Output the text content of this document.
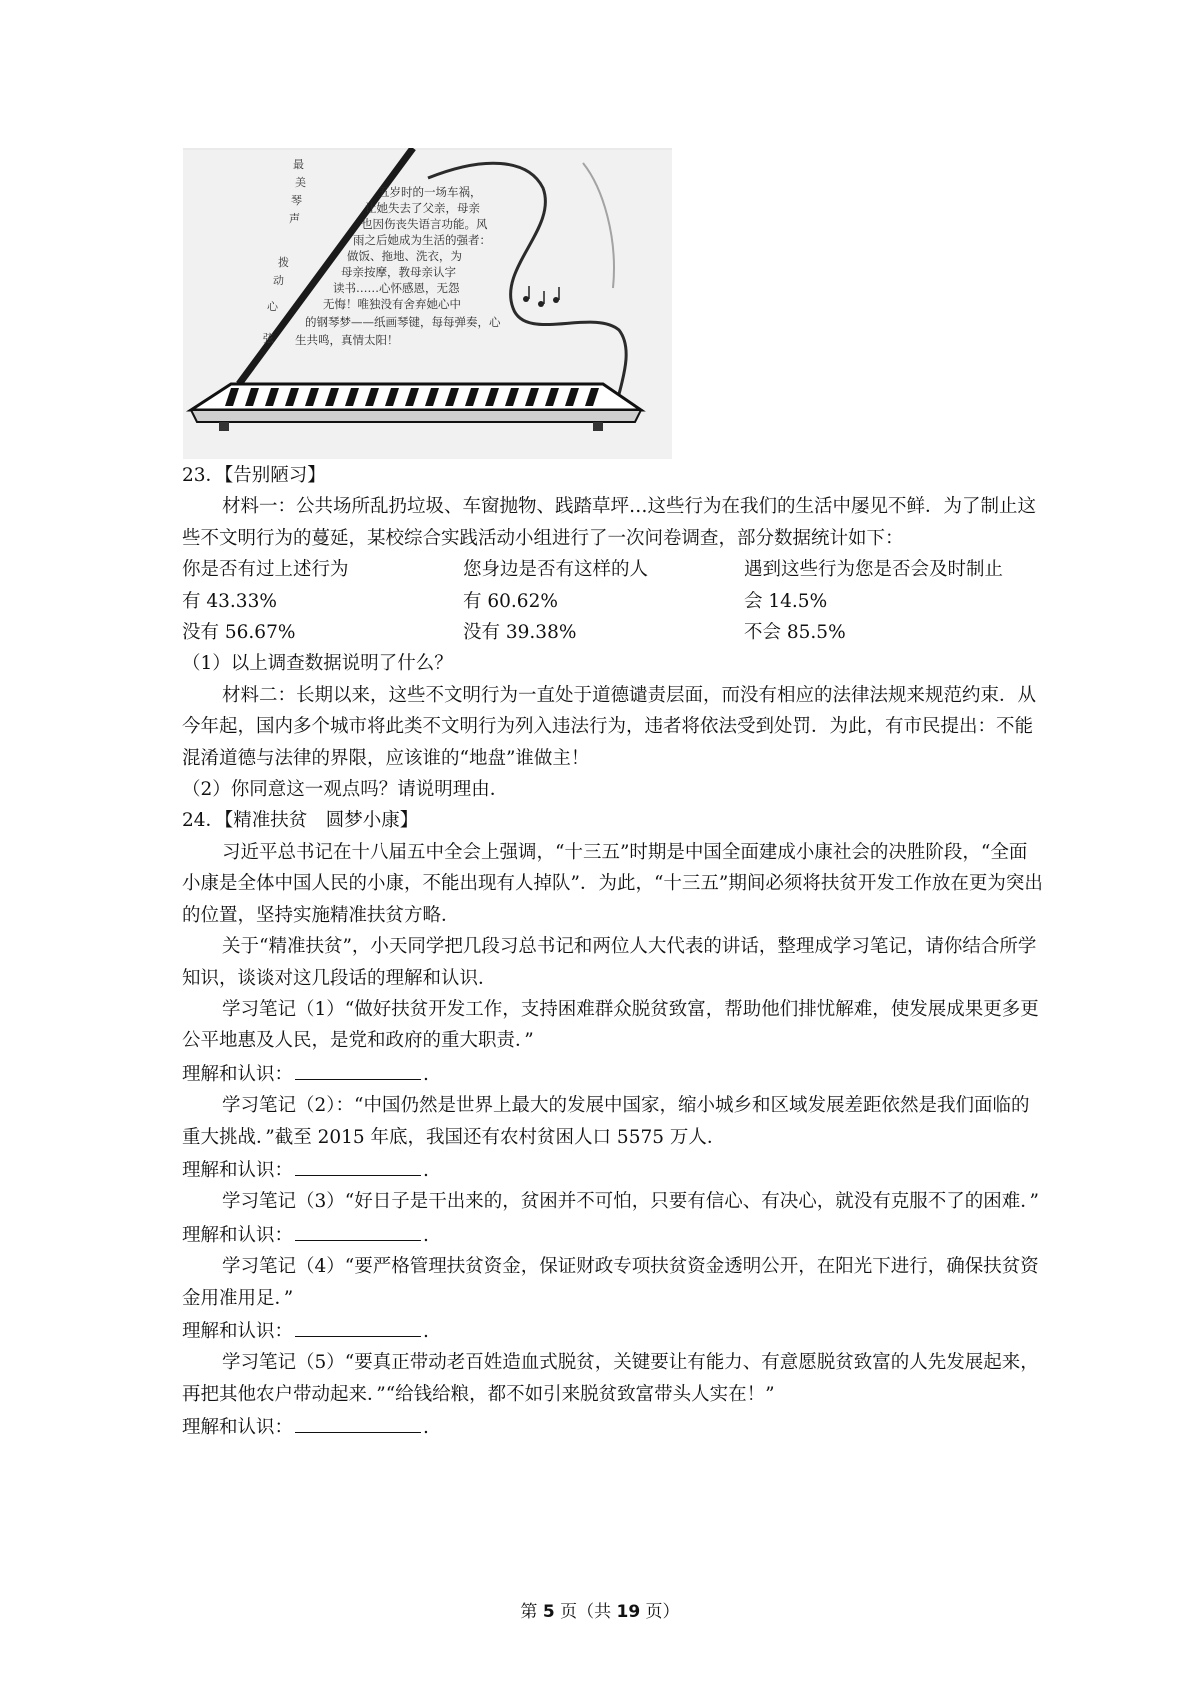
最
美
琴
声
拨
动
心
弦
五岁时的一场车祸，
让她失去了父亲，母亲
也因伤丧失语言功能。风
雨之后她成为生活的强者：
做饭、拖地、洗衣，为
母亲按摩，教母亲认字
读书……心怀感恩，无怨
无悔！唯独没有舍弃她心中
的钢琴梦——纸画琴键，每每弹奏，心
生共鸣，真情太阳！

23．【告别陋习】

材料一：公共场所乱扔垃圾、车窗抛物、践踏草坪…这些行为在我们的生活中屡见不鲜．为了制止这些不文明行为的蔓延，某校综合实践活动小组进行了一次问卷调查，部分数据统计如下：

你是否有过上述行为	您身边是否有这样的人	遇到这些行为您是否会及时制止
有 43.33%	有 60.62%	会 14.5%
没有 56.67%	没有 39.38%	不会 85.5%

（1）以上调查数据说明了什么？

材料二：长期以来，这些不文明行为一直处于道德谴责层面，而没有相应的法律法规来规范约束．从今年起，国内多个城市将此类不文明行为列入违法行为，违者将依法受到处罚．为此，有市民提出：不能混淆道德与法律的界限，应该谁的“地盘”谁做主！

（2）你同意这一观点吗？请说明理由．

24．【精准扶贫　圆梦小康】

习近平总书记在十八届五中全会上强调，“十三五”时期是中国全面建成小康社会的决胜阶段，“全面小康是全体中国人民的小康，不能出现有人掉队”．为此，“十三五”期间必须将扶贫开发工作放在更为突出的位置，坚持实施精准扶贫方略．

关于“精准扶贫”，小天同学把几段习总书记和两位人大代表的讲话，整理成学习笔记，请你结合所学知识，谈谈对这几段话的理解和认识．

学习笔记（1）“做好扶贫开发工作，支持困难群众脱贫致富，帮助他们排忧解难，使发展成果更多更公平地惠及人民，是党和政府的重大职责．”

理解和认识：	.

学习笔记（2）：“中国仍然是世界上最大的发展中国家，缩小城乡和区域发展差距依然是我们面临的重大挑战．”截至 2015 年底，我国还有农村贫困人口 5575 万人．

理解和认识：	.

学习笔记（3）“好日子是干出来的，贫困并不可怕，只要有信心、有决心，就没有克服不了的困难．”

理解和认识：	.

学习笔记（4）“要严格管理扶贫资金，保证财政专项扶贫资金透明公开，在阳光下进行，确保扶贫资金用准用足．”

理解和认识：	.

学习笔记（5）“要真正带动老百姓造血式脱贫，关键要让有能力、有意愿脱贫致富的人先发展起来，再把其他农户带动起来．”“给钱给粮，都不如引来脱贫致富带头人实在！”

理解和认识：	.

第 5 页（共 19 页）
